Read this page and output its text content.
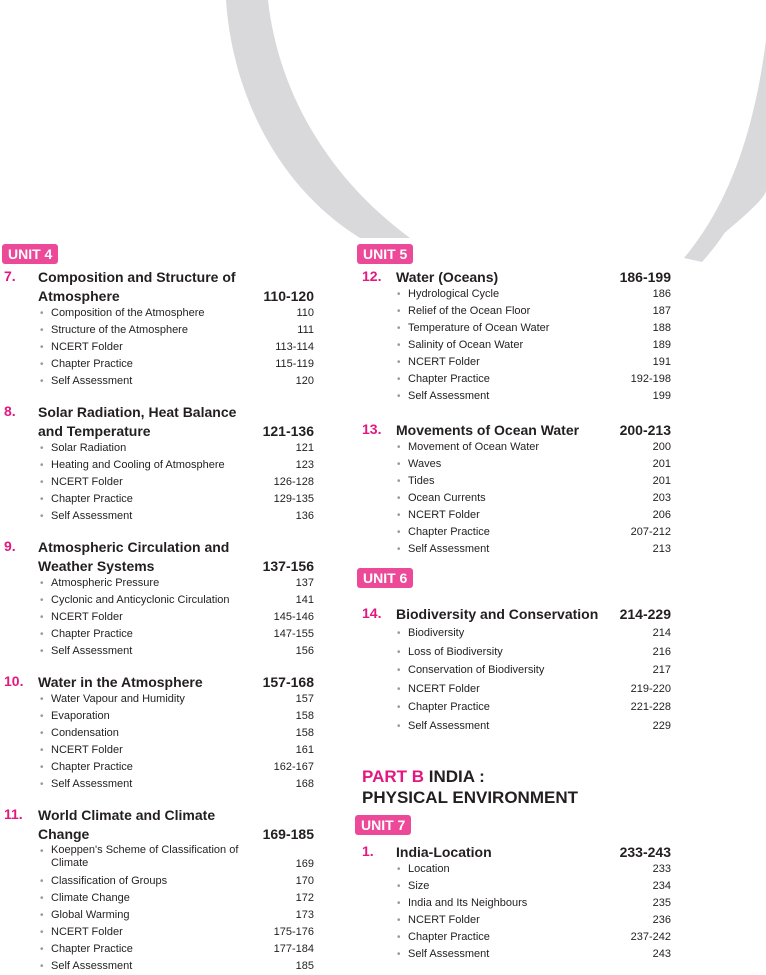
UNIT 4
7. Composition and Structure of Atmosphere	110-120
• Composition of the Atmosphere	110
• Structure of the Atmosphere	111
• NCERT Folder	113-114
• Chapter Practice	115-119
• Self Assessment	120
8. Solar Radiation, Heat Balance and Temperature	121-136
• Solar Radiation	121
• Heating and Cooling of Atmosphere	123
• NCERT Folder	126-128
• Chapter Practice	129-135
• Self Assessment	136
9. Atmospheric Circulation and Weather Systems	137-156
• Atmospheric Pressure	137
• Cyclonic and Anticyclonic Circulation	141
• NCERT Folder	145-146
• Chapter Practice	147-155
• Self Assessment	156
10. Water in the Atmosphere	157-168
• Water Vapour and Humidity	157
• Evaporation	158
• Condensation	158
• NCERT Folder	161
• Chapter Practice	162-167
• Self Assessment	168
11. World Climate and Climate Change	169-185
• Koeppen's Scheme of Classification of Climate	169
• Classification of Groups	170
• Climate Change	172
• Global Warming	173
• NCERT Folder	175-176
• Chapter Practice	177-184
• Self Assessment	185
UNIT 5
12. Water (Oceans)	186-199
• Hydrological Cycle	186
• Relief of the Ocean Floor	187
• Temperature of Ocean Water	188
• Salinity of Ocean Water	189
• NCERT Folder	191
• Chapter Practice	192-198
• Self Assessment	199
13. Movements of Ocean Water	200-213
• Movement of Ocean Water	200
• Waves	201
• Tides	201
• Ocean Currents	203
• NCERT Folder	206
• Chapter Practice	207-212
• Self Assessment	213
UNIT 6
14. Biodiversity and Conservation	214-229
• Biodiversity	214
• Loss of Biodiversity	216
• Conservation of Biodiversity	217
• NCERT Folder	219-220
• Chapter Practice	221-228
• Self Assessment	229
PART B INDIA :
PHYSICAL ENVIRONMENT
UNIT 7
1. India-Location	233-243
• Location	233
• Size	234
• India and Its Neighbours	235
• NCERT Folder	236
• Chapter Practice	237-242
• Self Assessment	243
